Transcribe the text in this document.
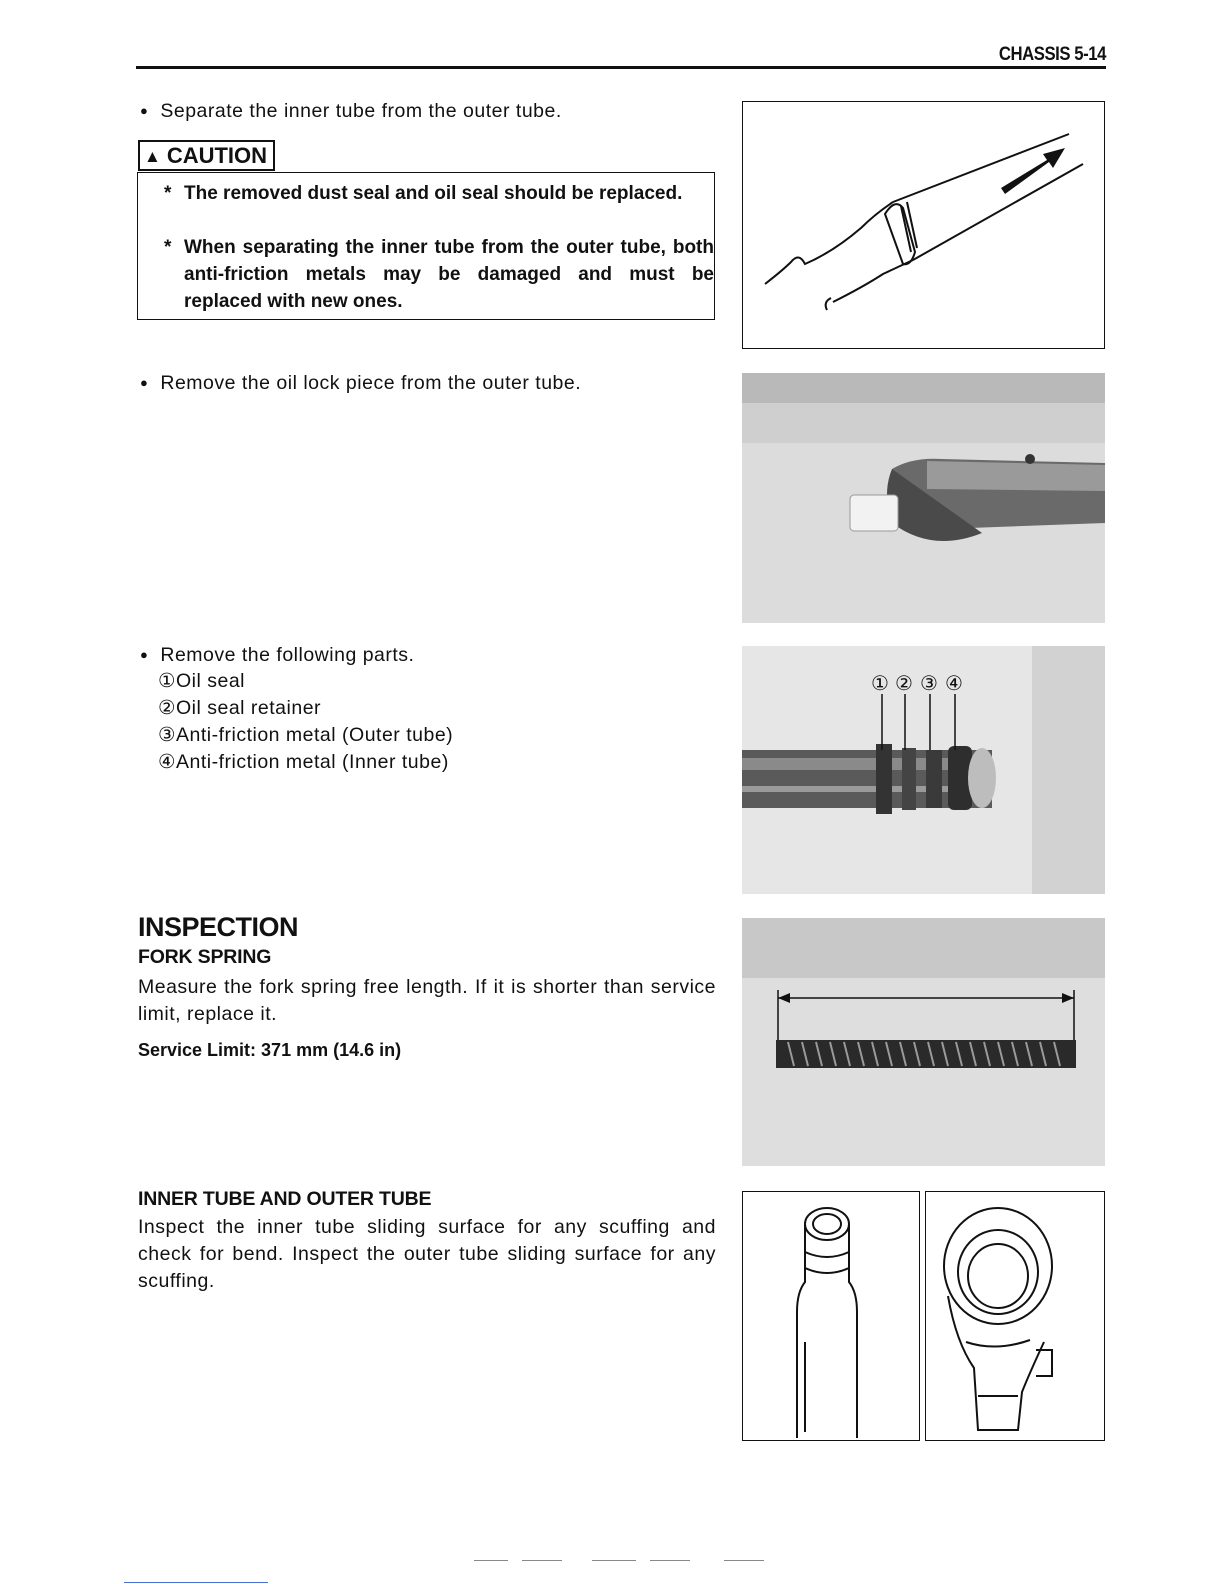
CHASSIS 5-14
● Separate the inner tube from the outer tube.
▲ CAUTION
* The removed dust seal and oil seal should be replaced.
* When separating the inner tube from the outer tube, both anti-friction metals may be damaged and must be replaced with new ones.
● Remove the oil lock piece from the outer tube.
● Remove the following parts.
①Oil seal
②Oil seal retainer
③Anti-friction metal (Outer tube)
④Anti-friction metal (Inner tube)
① ② ③ ④
INSPECTION
FORK SPRING
Measure the fork spring free length. If it is shorter than service limit, replace it.
Service Limit: 371 mm (14.6 in)
INNER TUBE AND OUTER TUBE
Inspect the inner tube sliding surface for any scuffing and check for bend. Inspect the outer tube sliding surface for any scuffing.
